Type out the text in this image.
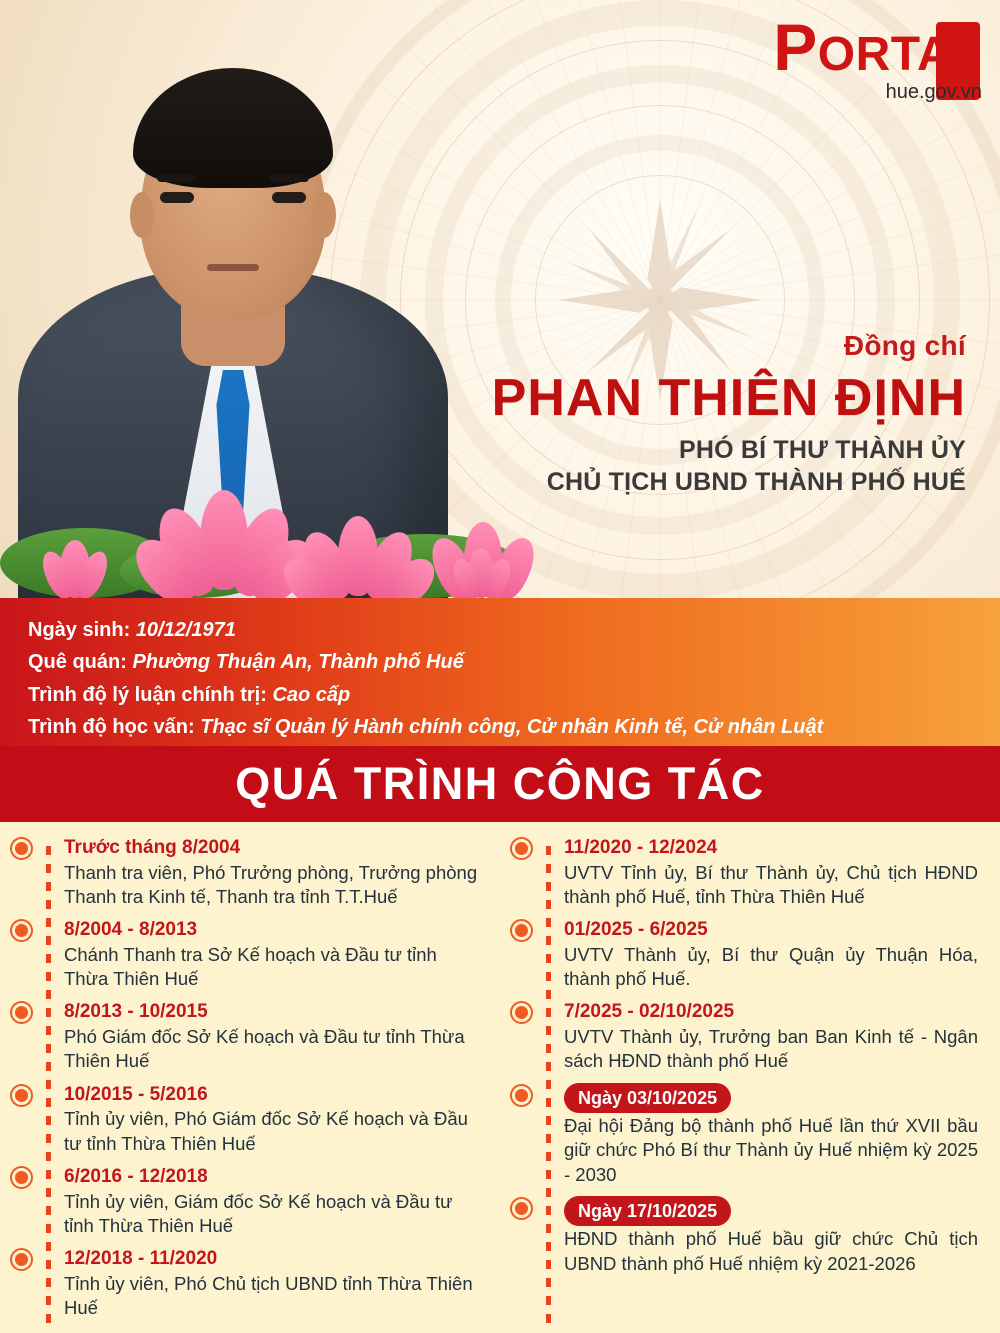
PORTAL
hue.gov.vn
Đồng chí
PHAN THIÊN ĐỊNH
PHÓ BÍ THƯ THÀNH ỦY
CHỦ TỊCH UBND THÀNH PHỐ HUẾ
Ngày sinh: 10/12/1971
Quê quán: Phường Thuận An, Thành phố Huế
Trình độ lý luận chính trị: Cao cấp
Trình độ học vấn: Thạc sĩ Quản lý Hành chính công, Cử nhân Kinh tế, Cử nhân Luật
QUÁ TRÌNH CÔNG TÁC
Trước tháng 8/2004
Thanh tra viên, Phó Trưởng phòng, Trưởng phòng Thanh tra Kinh tế, Thanh tra tỉnh T.T.Huế
8/2004 - 8/2013
Chánh Thanh tra Sở Kế hoạch và Đầu tư tỉnh Thừa Thiên Huế
8/2013 - 10/2015
Phó Giám đốc Sở Kế hoạch và Đầu tư tỉnh Thừa Thiên Huế
10/2015 - 5/2016
Tỉnh ủy viên, Phó Giám đốc Sở Kế hoạch và Đầu tư tỉnh Thừa Thiên Huế
6/2016 - 12/2018
Tỉnh ủy viên, Giám đốc Sở Kế hoạch và Đầu tư tỉnh Thừa Thiên Huế
12/2018 - 11/2020
Tỉnh ủy viên, Phó Chủ tịch UBND tỉnh Thừa Thiên Huế
11/2020 - 12/2024
UVTV Tỉnh ủy, Bí thư Thành ủy, Chủ tịch HĐND thành phố Huế, tỉnh Thừa Thiên Huế
01/2025 - 6/2025
UVTV Thành ủy, Bí thư Quận ủy Thuận Hóa, thành phố Huế.
7/2025 - 02/10/2025
UVTV Thành ủy, Trưởng ban Ban Kinh tế - Ngân sách HĐND thành phố Huế
Ngày 03/10/2025
Đại hội Đảng bộ thành phố Huế lần thứ XVII bầu giữ chức Phó Bí thư Thành ủy Huế nhiệm kỳ 2025 - 2030
Ngày 17/10/2025
HĐND thành phố Huế bầu giữ chức Chủ tịch UBND thành phố Huế nhiệm kỳ 2021-2026
